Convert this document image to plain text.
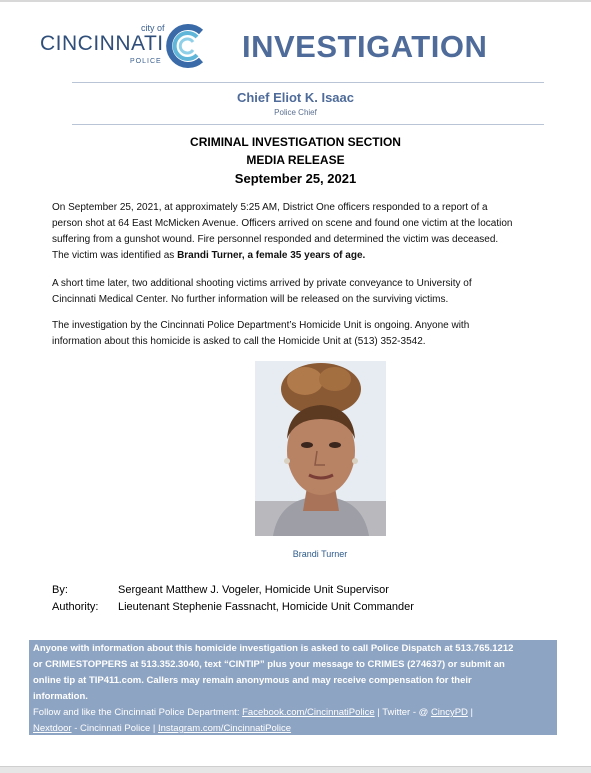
city of
CINCINNATI
POLICE	INVESTIGATION
Chief Eliot K. Isaac
Police Chief
CRIMINAL INVESTIGATION SECTION
MEDIA RELEASE
September 25, 2021
On September 25, 2021, at approximately 5:25 AM, District One officers responded to a report of a
person shot at 64 East McMicken Avenue. Officers arrived on scene and found one victim at the location
suffering from a gunshot wound. Fire personnel responded and determined the victim was deceased.
The victim was identified as Brandi Turner, a female 35 years of age.
A short time later, two additional shooting victims arrived by private conveyance to University of
Cincinnati Medical Center. No further information will be released on the surviving victims.
The investigation by the Cincinnati Police Department’s Homicide Unit is ongoing. Anyone with
information about this homicide is asked to call the Homicide Unit at (513) 352-3542.
Brandi Turner
By:	Sergeant Matthew J. Vogeler, Homicide Unit Supervisor
Authority: Lieutenant Stephenie Fassnacht, Homicide Unit Commander
Anyone with information about this homicide investigation is asked to call Police Dispatch at 513.765.1212
or CRIMESTOPPERS at 513.352.3040, text “CINTIP” plus your message to CRIMES (274637) or submit an
online tip at TIP411.com. Callers may remain anonymous and may receive compensation for their
information.
Follow and like the Cincinnati Police Department: Facebook.com/CincinnatiPolice | Twitter - @ CincyPD |
Nextdoor - Cincinnati Police | Instagram.com/CincinnatiPolice
